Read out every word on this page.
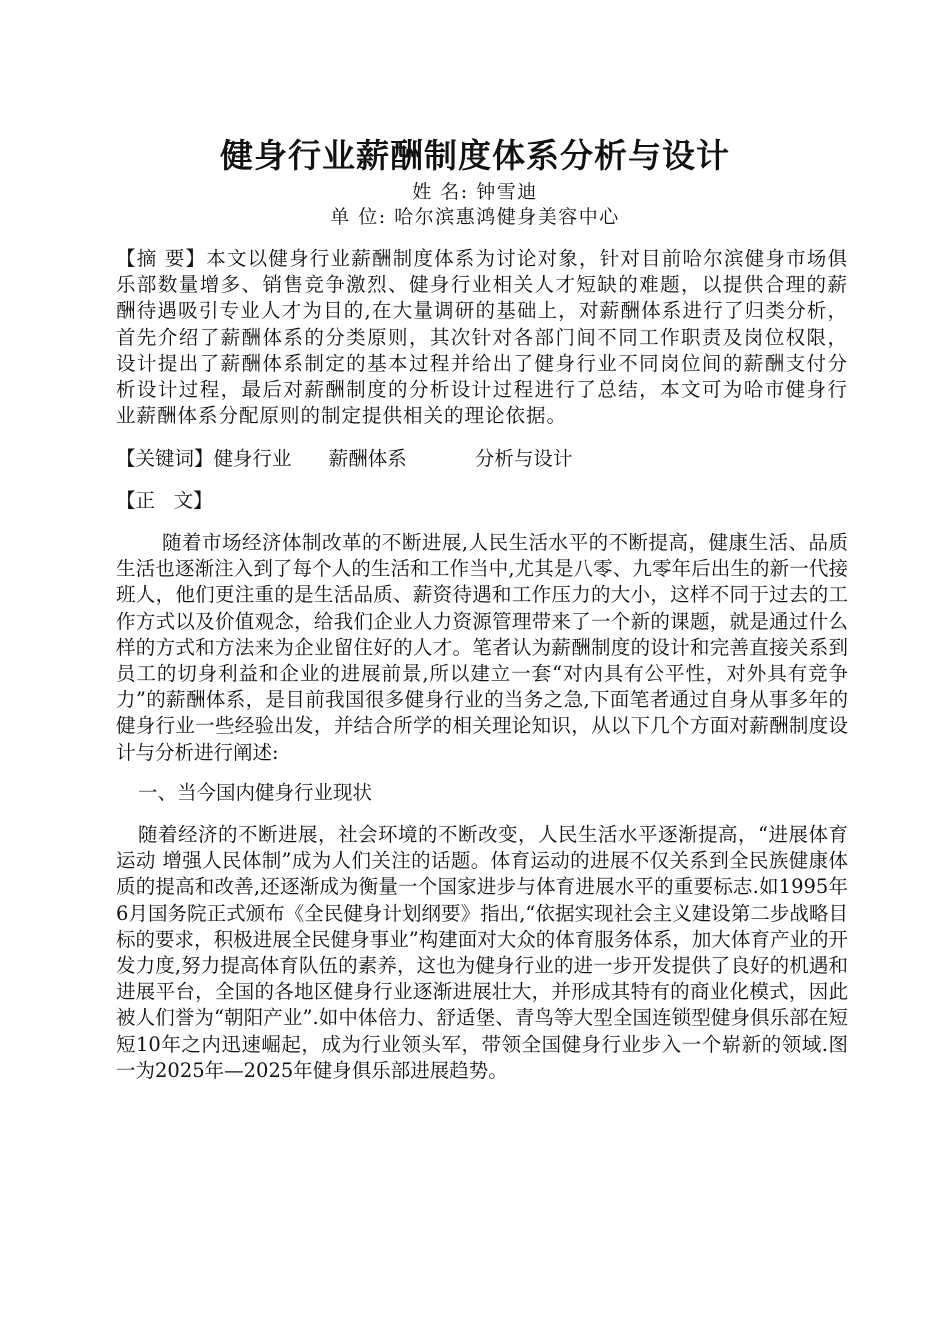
健身行业薪酬制度体系分析与设计
姓 名: 钟雪迪
单 位: 哈尔滨惠鸿健身美容中心
【摘 要】本文以健身行业薪酬制度体系为讨论对象，针对目前哈尔滨健身市场俱乐部数量增多、销售竞争激烈、健身行业相关人才短缺的难题，以提供合理的薪酬待遇吸引专业人才为目的,在大量调研的基础上，对薪酬体系进行了归类分析，首先介绍了薪酬体系的分类原则，其次针对各部门间不同工作职责及岗位权限，设计提出了薪酬体系制定的基本过程并给出了健身行业不同岗位间的薪酬支付分析设计过程，最后对薪酬制度的分析设计过程进行了总结，本文可为哈市健身行业薪酬体系分配原则的制定提供相关的理论依据。
【关键词】健身行业      薪酬体系           分析与设计
【正   文】
随着市场经济体制改革的不断进展,人民生活水平的不断提高，健康生活、品质生活也逐渐注入到了每个人的生活和工作当中,尤其是八零、九零年后出生的新一代接班人，他们更注重的是生活品质、薪资待遇和工作压力的大小，这样不同于过去的工作方式以及价值观念，给我们企业人力资源管理带来了一个新的课题，就是通过什么样的方式和方法来为企业留住好的人才。笔者认为薪酬制度的设计和完善直接关系到员工的切身利益和企业的进展前景,所以建立一套“对内具有公平性，对外具有竞争力”的薪酬体系，是目前我国很多健身行业的当务之急,下面笔者通过自身从事多年的健身行业一些经验出发，并结合所学的相关理论知识，从以下几个方面对薪酬制度设计与分析进行阐述:
一、当今国内健身行业现状
随着经济的不断进展，社会环境的不断改变，人民生活水平逐渐提高，“进展体育运动 增强人民体制”成为人们关注的话题。体育运动的进展不仅关系到全民族健康体质的提高和改善,还逐渐成为衡量一个国家进步与体育进展水平的重要标志.如1995年6月国务院正式颁布《全民健身计划纲要》指出,“依据实现社会主义建设第二步战略目标的要求，积极进展全民健身事业”构建面对大众的体育服务体系，加大体育产业的开发力度,努力提高体育队伍的素养，这也为健身行业的进一步开发提供了良好的机遇和进展平台，全国的各地区健身行业逐渐进展壮大，并形成其特有的商业化模式，因此被人们誉为“朝阳产业”.如中体倍力、舒适堡、青鸟等大型全国连锁型健身俱乐部在短短10年之内迅速崛起，成为行业领头军，带领全国健身行业步入一个崭新的领域.图一为2025年—2025年健身俱乐部进展趋势。
